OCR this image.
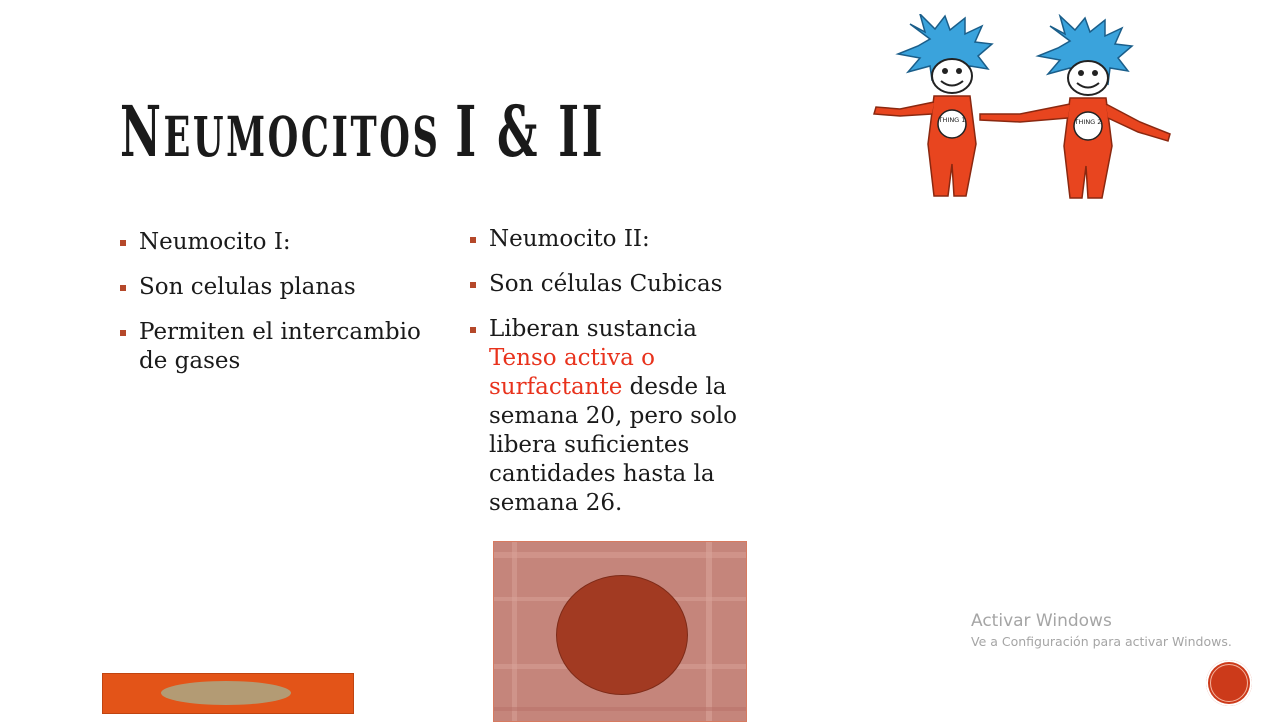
NEUMOCITOS I & II
Neumocito I:
Son celulas planas
Permiten el intercambio de gases
Neumocito II:
Son células Cubicas
Liberan sustancia Tenso activa o surfactante desde la semana 20, pero solo libera suficientes cantidades hasta la semana 26.
THING 1	THING 2
Activar Windows
Ve a Configuración para activar Windows.
